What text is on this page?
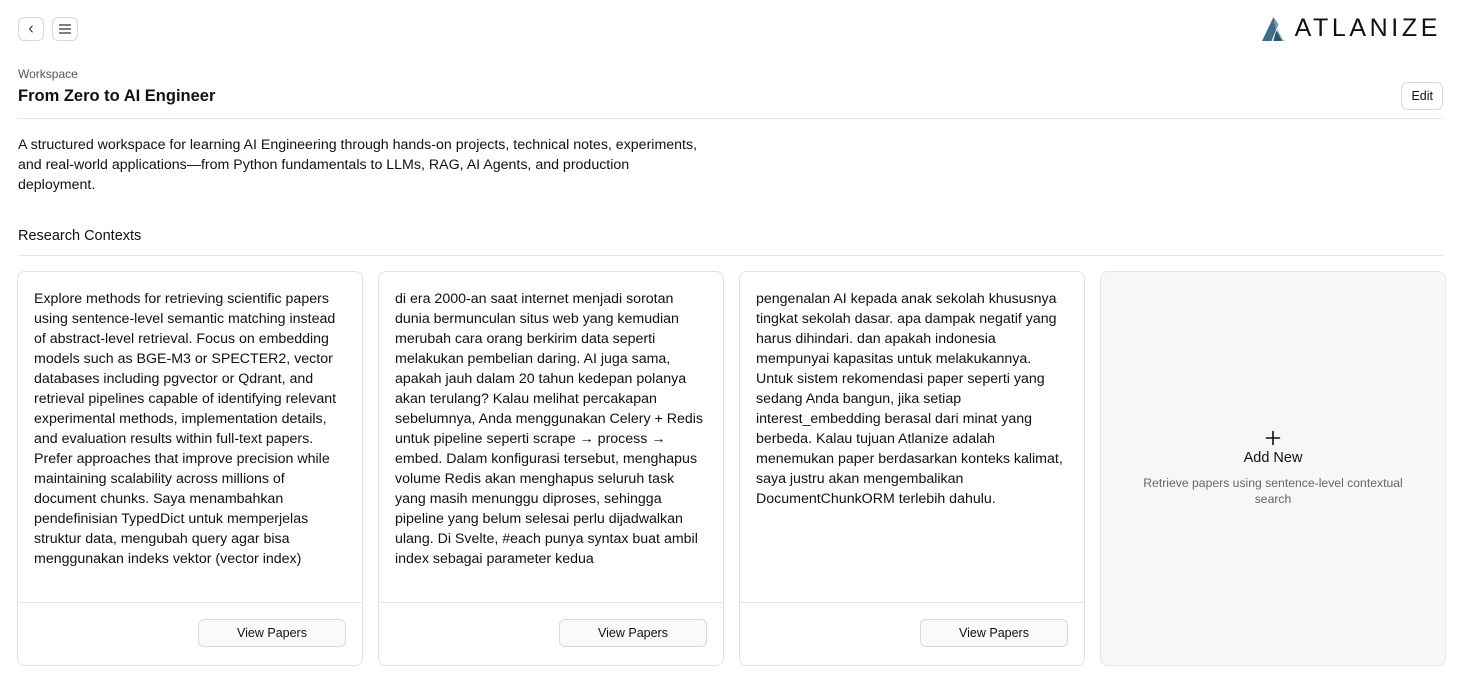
ATLANIZE
Workspace
From Zero to AI Engineer	Edit
A structured workspace for learning AI Engineering through hands-on projects, technical notes, experiments, and real-world applications—from Python fundamentals to LLMs, RAG, AI Agents, and production deployment.
Research Contexts
Explore methods for retrieving scientific papers using sentence-level semantic matching instead of abstract-level retrieval. Focus on embedding models such as BGE-M3 or SPECTER2, vector databases including pgvector or Qdrant, and retrieval pipelines capable of identifying relevant experimental methods, implementation details, and evaluation results within full-text papers. Prefer approaches that improve precision while maintaining scalability across millions of document chunks. Saya menambahkan pendefinisian TypedDict untuk memperjelas struktur data, mengubah query agar bisa menggunakan indeks vektor (vector index)
View Papers
di era 2000-an saat internet menjadi sorotan dunia bermunculan situs web yang kemudian merubah cara orang berkirim data seperti melakukan pembelian daring. AI juga sama, apakah jauh dalam 20 tahun kedepan polanya akan terulang? Kalau melihat percakapan sebelumnya, Anda menggunakan Celery + Redis untuk pipeline seperti scrape → process → embed. Dalam konfigurasi tersebut, menghapus volume Redis akan menghapus seluruh task yang masih menunggu diproses, sehingga pipeline yang belum selesai perlu dijadwalkan ulang. Di Svelte, #each punya syntax buat ambil index sebagai parameter kedua
View Papers
pengenalan AI kepada anak sekolah khususnya tingkat sekolah dasar. apa dampak negatif yang harus dihindari. dan apakah indonesia mempunyai kapasitas untuk melakukannya. Untuk sistem rekomendasi paper seperti yang sedang Anda bangun, jika setiap interest_embedding berasal dari minat yang berbeda. Kalau tujuan Atlanize adalah menemukan paper berdasarkan konteks kalimat, saya justru akan mengembalikan DocumentChunkORM terlebih dahulu.
View Papers
Add New
Retrieve papers using sentence-level contextual search
